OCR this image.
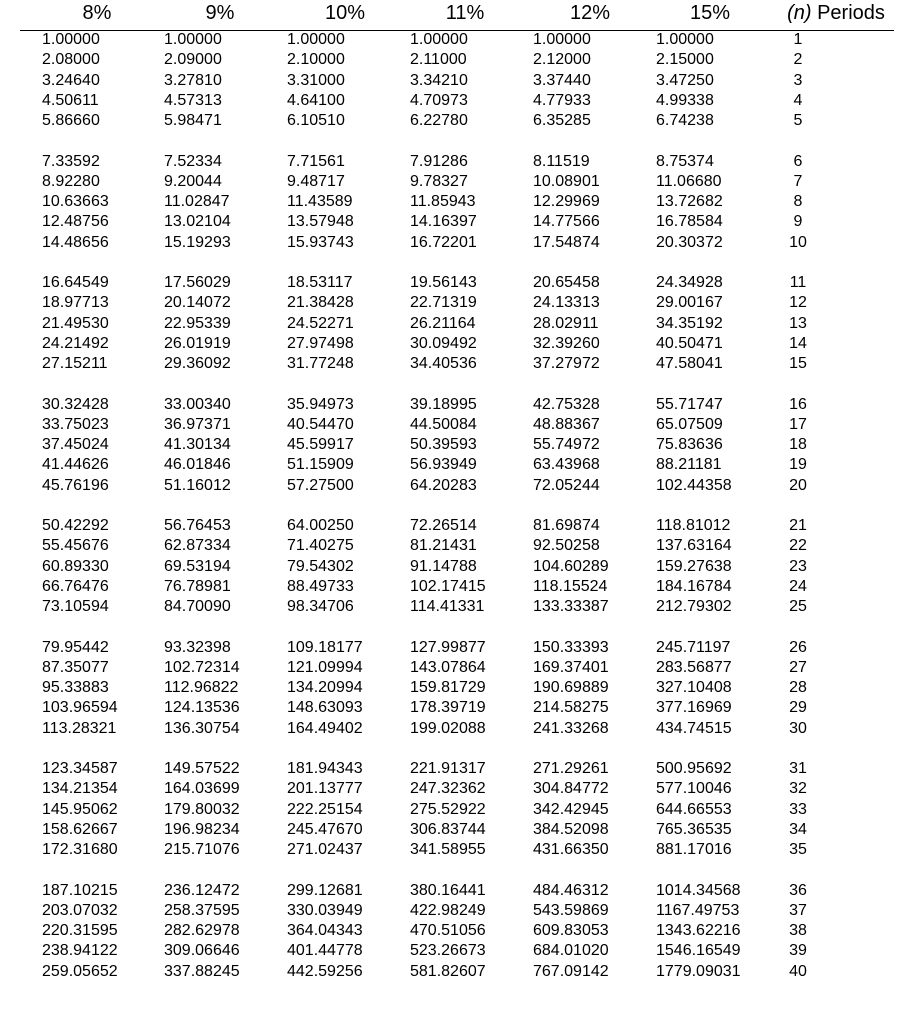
8%	9%	10%	11%	12%	15%	(n) Periods
1.00000	1.00000	1.00000	1.00000	1.00000	1.00000	1
2.08000	2.09000	2.10000	2.11000	2.12000	2.15000	2
3.24640	3.27810	3.31000	3.34210	3.37440	3.47250	3
4.50611	4.57313	4.64100	4.70973	4.77933	4.99338	4
5.86660	5.98471	6.10510	6.22780	6.35285	6.74238	5
7.33592	7.52334	7.71561	7.91286	8.11519	8.75374	6
8.92280	9.20044	9.48717	9.78327	10.08901	11.06680	7
10.63663	11.02847	11.43589	11.85943	12.29969	13.72682	8
12.48756	13.02104	13.57948	14.16397	14.77566	16.78584	9
14.48656	15.19293	15.93743	16.72201	17.54874	20.30372	10
16.64549	17.56029	18.53117	19.56143	20.65458	24.34928	11
18.97713	20.14072	21.38428	22.71319	24.13313	29.00167	12
21.49530	22.95339	24.52271	26.21164	28.02911	34.35192	13
24.21492	26.01919	27.97498	30.09492	32.39260	40.50471	14
27.15211	29.36092	31.77248	34.40536	37.27972	47.58041	15
30.32428	33.00340	35.94973	39.18995	42.75328	55.71747	16
33.75023	36.97371	40.54470	44.50084	48.88367	65.07509	17
37.45024	41.30134	45.59917	50.39593	55.74972	75.83636	18
41.44626	46.01846	51.15909	56.93949	63.43968	88.21181	19
45.76196	51.16012	57.27500	64.20283	72.05244	102.44358	20
50.42292	56.76453	64.00250	72.26514	81.69874	118.81012	21
55.45676	62.87334	71.40275	81.21431	92.50258	137.63164	22
60.89330	69.53194	79.54302	91.14788	104.60289	159.27638	23
66.76476	76.78981	88.49733	102.17415	118.15524	184.16784	24
73.10594	84.70090	98.34706	114.41331	133.33387	212.79302	25
79.95442	93.32398	109.18177	127.99877	150.33393	245.71197	26
87.35077	102.72314	121.09994	143.07864	169.37401	283.56877	27
95.33883	112.96822	134.20994	159.81729	190.69889	327.10408	28
103.96594	124.13536	148.63093	178.39719	214.58275	377.16969	29
113.28321	136.30754	164.49402	199.02088	241.33268	434.74515	30
123.34587	149.57522	181.94343	221.91317	271.29261	500.95692	31
134.21354	164.03699	201.13777	247.32362	304.84772	577.10046	32
145.95062	179.80032	222.25154	275.52922	342.42945	644.66553	33
158.62667	196.98234	245.47670	306.83744	384.52098	765.36535	34
172.31680	215.71076	271.02437	341.58955	431.66350	881.17016	35
187.10215	236.12472	299.12681	380.16441	484.46312	1014.34568	36
203.07032	258.37595	330.03949	422.98249	543.59869	1167.49753	37
220.31595	282.62978	364.04343	470.51056	609.83053	1343.62216	38
238.94122	309.06646	401.44778	523.26673	684.01020	1546.16549	39
259.05652	337.88245	442.59256	581.82607	767.09142	1779.09031	40
